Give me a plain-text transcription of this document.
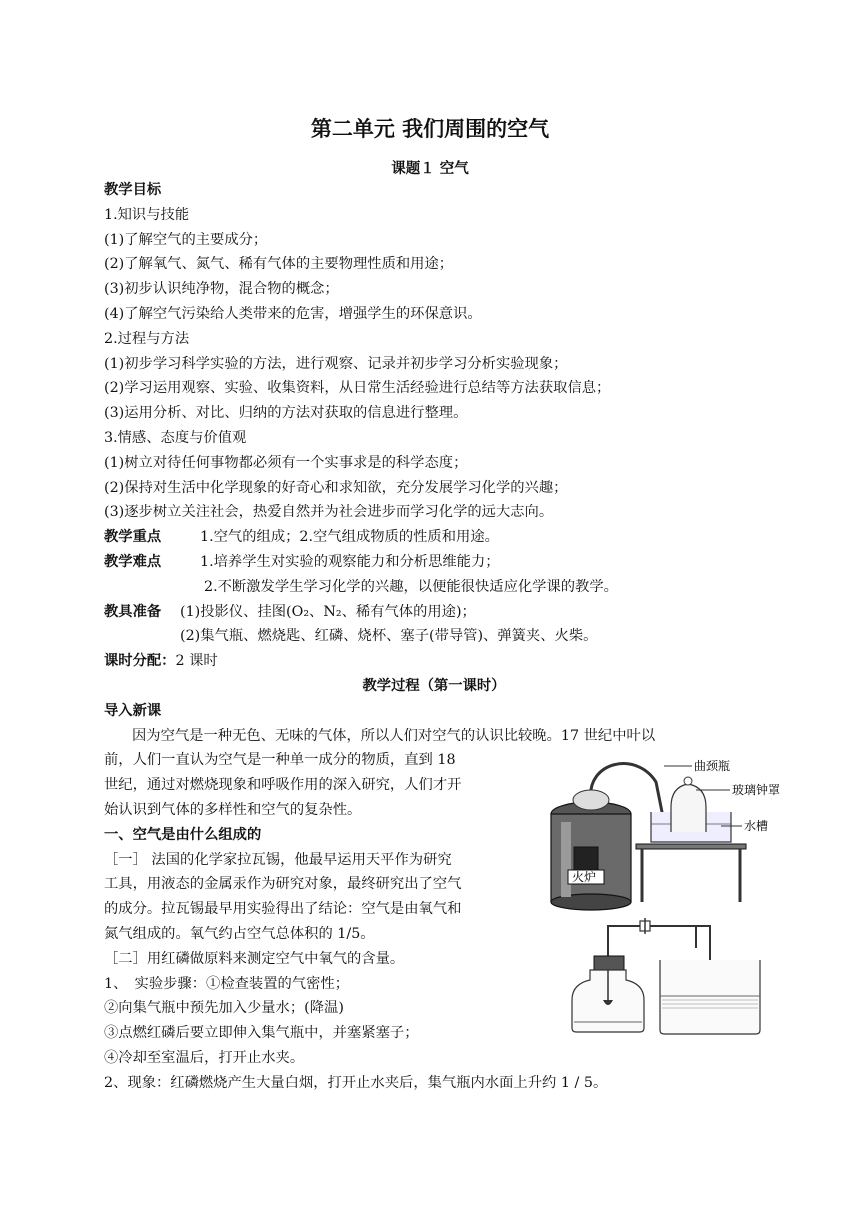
第二单元 我们周围的空气
课题１ 空气
教学目标
1.知识与技能
(1)了解空气的主要成分；
(2)了解氧气、氮气、稀有气体的主要物理性质和用途；
(3)初步认识纯净物，混合物的概念；
(4)了解空气污染给人类带来的危害，增强学生的环保意识。
2.过程与方法
(1)初步学习科学实验的方法，进行观察、记录并初步学习分析实验现象；
(2)学习运用观察、实验、收集资料，从日常生活经验进行总结等方法获取信息；
(3)运用分析、对比、归纳的方法对获取的信息进行整理。
3.情感、态度与价值观
(1)树立对待任何事物都必须有一个实事求是的科学态度；
(2)保持对生活中化学现象的好奇心和求知欲，充分发展学习化学的兴趣；
(3)逐步树立关注社会，热爱自然并为社会进步而学习化学的远大志向。
教学重点	1.空气的组成；2.空气组成物质的性质和用途。
教学难点	1.培养学生对实验的观察能力和分析思维能力；
2.不断激发学生学习化学的兴趣，以便能很快适应化学课的教学。
教具准备 (1)投影仪、挂图(O₂、N₂、稀有气体的用途)；
(2)集气瓶、燃烧匙、红磷、烧杯、塞子(带导管)、弹簧夹、火柴。
课时分配：2 课时
教学过程（第一课时）
导入新课
因为空气是一种无色、无味的气体，所以人们对空气的认识比较晚。17 世纪中叶以
前，人们一直认为空气是一种单一成分的物质，直到 18
世纪，通过对燃烧现象和呼吸作用的深入研究，人们才开
始认识到气体的多样性和空气的复杂性。
一、空气是由什么组成的
［一］ 法国的化学家拉瓦锡，他最早运用天平作为研究
工具，用液态的金属汞作为研究对象，最终研究出了空气
的成分。拉瓦锡最早用实验得出了结论：空气是由氧气和
氮气组成的。氧气约占空气总体积的 1/5。
［二］用红磷做原料来测定空气中氧气的含量。
1、　实验步骤：①检查装置的气密性；
②向集气瓶中预先加入少量水；(降温)
③点燃红磷后要立即伸入集气瓶中，并塞紧塞子；
④冷却至室温后，打开止水夹。
2、现象：红磷燃烧产生大量白烟，打开止水夹后，集气瓶内水面上升约 1 / 5。
火炉
曲颈瓶
玻璃钟罩
水槽
